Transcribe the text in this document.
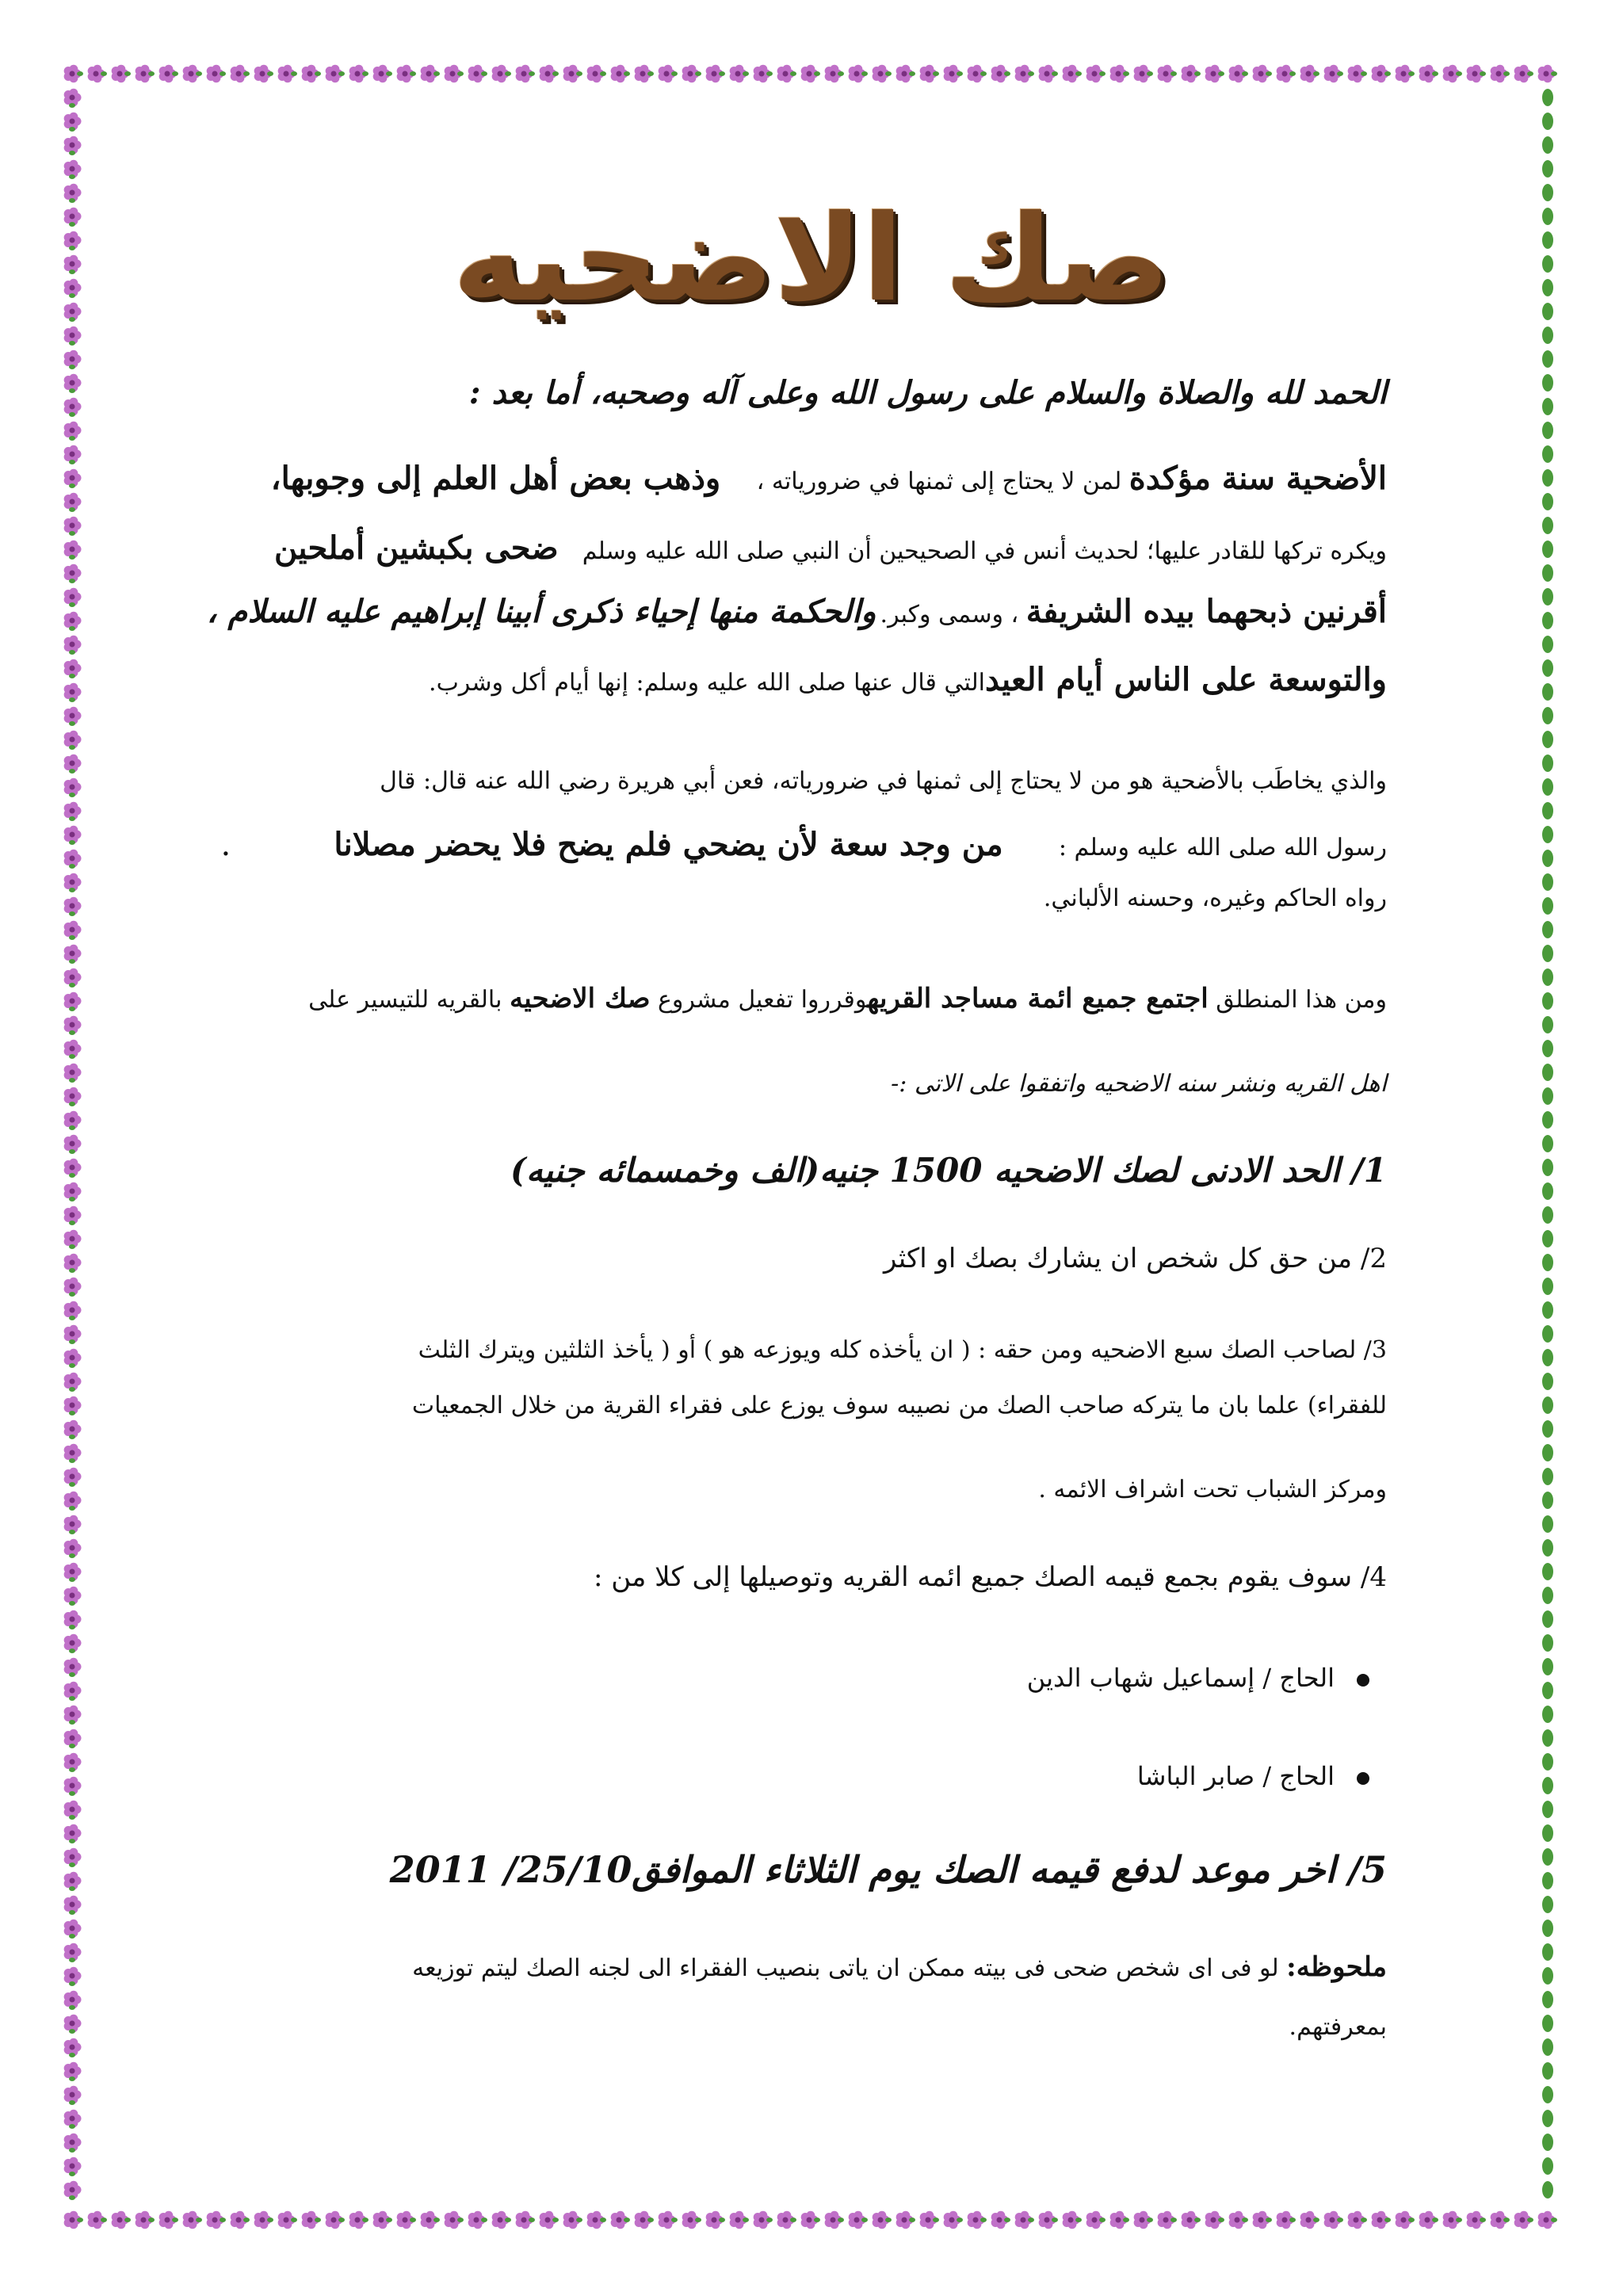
صك الاضحيه
الحمد لله والصلاة والسلام على رسول الله وعلى آله وصحبه، أما بعد :
الأضحية سنة مؤكدة لمن لا يحتاج إلى ثمنها في ضرورياته ،  وذهب بعض أهل العلم إلى وجوبها،
ويكره تركها للقادر عليها؛ لحديث أنس في الصحيحين أن النبي صلى الله عليه وسلم  ضحى بكبشين أملحين
أقرنين ذبحهما بيده الشريفة ، وسمى وكبر. والحكمة منها إحياء ذكرى أبينا إبراهيم عليه السلام ،
والتوسعة على الناس أيام العيدالتي قال عنها صلى الله عليه وسلم: إنها أيام أكل وشرب.
والذي يخاطَب بالأضحية هو من لا يحتاج إلى ثمنها في ضرورياته، فعن أبي هريرة رضي الله عنه قال: قال
رسول الله صلى الله عليه وسلم :  من وجد سعة لأن يضحي فلم يضح فلا يحضر مصلانا  .
رواه الحاكم وغيره، وحسنه الألباني.
ومن هذا المنطلق اجتمع جميع ائمة مساجد القريهوقرروا تفعيل مشروع صك الاضحيه بالقريه للتيسير على
اهل القريه ونشر سنه الاضحيه واتفقوا على الاتى :-
1/ الحد الادنى لصك الاضحيه 1500 جنيه(الف وخمسمائه جنيه)
2/ من حق كل شخص ان يشارك بصك او اكثر
3/ لصاحب الصك سبع الاضحيه ومن حقه : ( ان يأخذه كله ويوزعه هو ) أو ( يأخذ الثلثين ويترك الثلث
للفقراء) علما بان ما يتركه صاحب الصك من نصيبه سوف يوزع على فقراء القرية من خلال الجمعيات
ومركز الشباب تحت اشراف الائمه .
4/ سوف يقوم بجمع قيمه الصك جميع ائمه القريه وتوصيلها إلى كلا من :
الحاج / إسماعيل شهاب الدين
الحاج / صابر الباشا
5/ اخر موعد لدفع قيمه الصك يوم الثلاثاء الموافق25/10/ 2011
ملحوظه: لو فى اى شخص ضحى فى بيته ممكن ان ياتى بنصيب الفقراء الى لجنه الصك ليتم توزيعه
بمعرفتهم.
